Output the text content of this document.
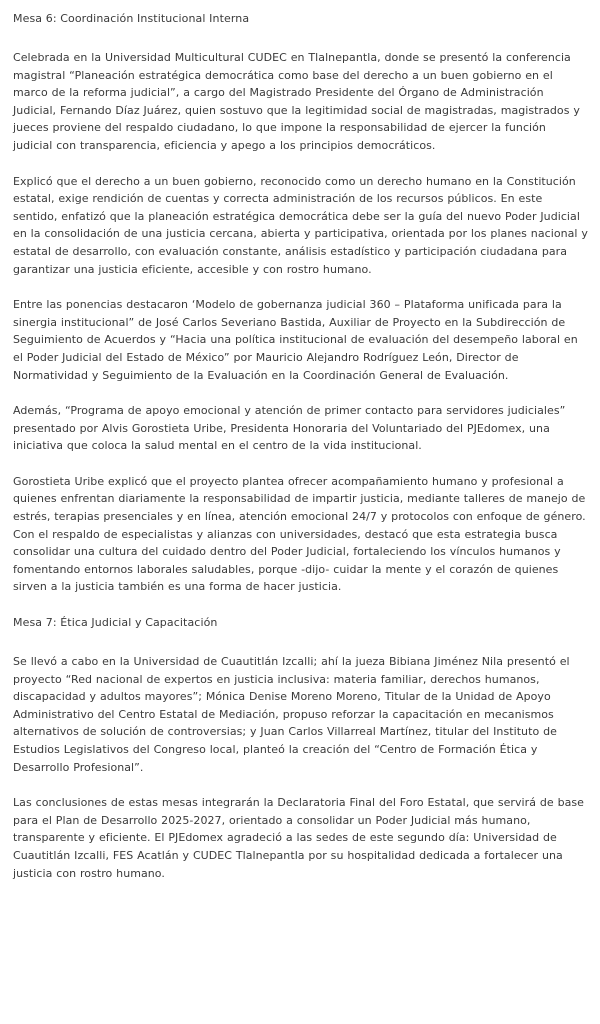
Mesa 6: Coordinación Institucional Interna

Celebrada en la Universidad Multicultural CUDEC en Tlalnepantla, donde se presentó la conferencia magistral “Planeación estratégica democrática como base del derecho a un buen gobierno en el marco de la reforma judicial”, a cargo del Magistrado Presidente del Órgano de Administración Judicial, Fernando Díaz Juárez, quien sostuvo que la legitimidad social de magistradas, magistrados y jueces proviene del respaldo ciudadano, lo que impone la responsabilidad de ejercer la función judicial con transparencia, eficiencia y apego a los principios democráticos.

Explicó que el derecho a un buen gobierno, reconocido como un derecho humano en la Constitución estatal, exige rendición de cuentas y correcta administración de los recursos públicos. En este sentido, enfatizó que la planeación estratégica democrática debe ser la guía del nuevo Poder Judicial en la consolidación de una justicia cercana, abierta y participativa, orientada por los planes nacional y estatal de desarrollo, con evaluación constante, análisis estadístico y participación ciudadana para garantizar una justicia eficiente, accesible y con rostro humano.

Entre las ponencias destacaron ‘Modelo de gobernanza judicial 360 – Plataforma unificada para la sinergia institucional” de José Carlos Severiano Bastida, Auxiliar de Proyecto en la Subdirección de Seguimiento de Acuerdos y “Hacia una política institucional de evaluación del desempeño laboral en el Poder Judicial del Estado de México” por Mauricio Alejandro Rodríguez León, Director de Normatividad y Seguimiento de la Evaluación en la Coordinación General de Evaluación.

Además, “Programa de apoyo emocional y atención de primer contacto para servidores judiciales” presentado por Alvis Gorostieta Uribe, Presidenta Honoraria del Voluntariado del PJEdomex, una iniciativa que coloca la salud mental en el centro de la vida institucional.

Gorostieta Uribe explicó que el proyecto plantea ofrecer acompañamiento humano y profesional a quienes enfrentan diariamente la responsabilidad de impartir justicia, mediante talleres de manejo de estrés, terapias presenciales y en línea, atención emocional 24/7 y protocolos con enfoque de género. Con el respaldo de especialistas y alianzas con universidades, destacó que esta estrategia busca consolidar una cultura del cuidado dentro del Poder Judicial, fortaleciendo los vínculos humanos y fomentando entornos laborales saludables, porque -dijo- cuidar la mente y el corazón de quienes sirven a la justicia también es una forma de hacer justicia.

Mesa 7: Ética Judicial y Capacitación

Se llevó a cabo en la Universidad de Cuautitlán Izcalli; ahí la jueza Bibiana Jiménez Nila presentó el proyecto “Red nacional de expertos en justicia inclusiva: materia familiar, derechos humanos, discapacidad y adultos mayores”; Mónica Denise Moreno Moreno, Titular de la Unidad de Apoyo Administrativo del Centro Estatal de Mediación, propuso reforzar la capacitación en mecanismos alternativos de solución de controversias; y Juan Carlos Villarreal Martínez, titular del Instituto de Estudios Legislativos del Congreso local, planteó la creación del “Centro de Formación Ética y Desarrollo Profesional”.

Las conclusiones de estas mesas integrarán la Declaratoria Final del Foro Estatal, que servirá de base para el Plan de Desarrollo 2025-2027, orientado a consolidar un Poder Judicial más humano, transparente y eficiente. El PJEdomex agradeció a las sedes de este segundo día: Universidad de Cuautitlán Izcalli, FES Acatlán y CUDEC Tlalnepantla por su hospitalidad dedicada a fortalecer una justicia con rostro humano.
